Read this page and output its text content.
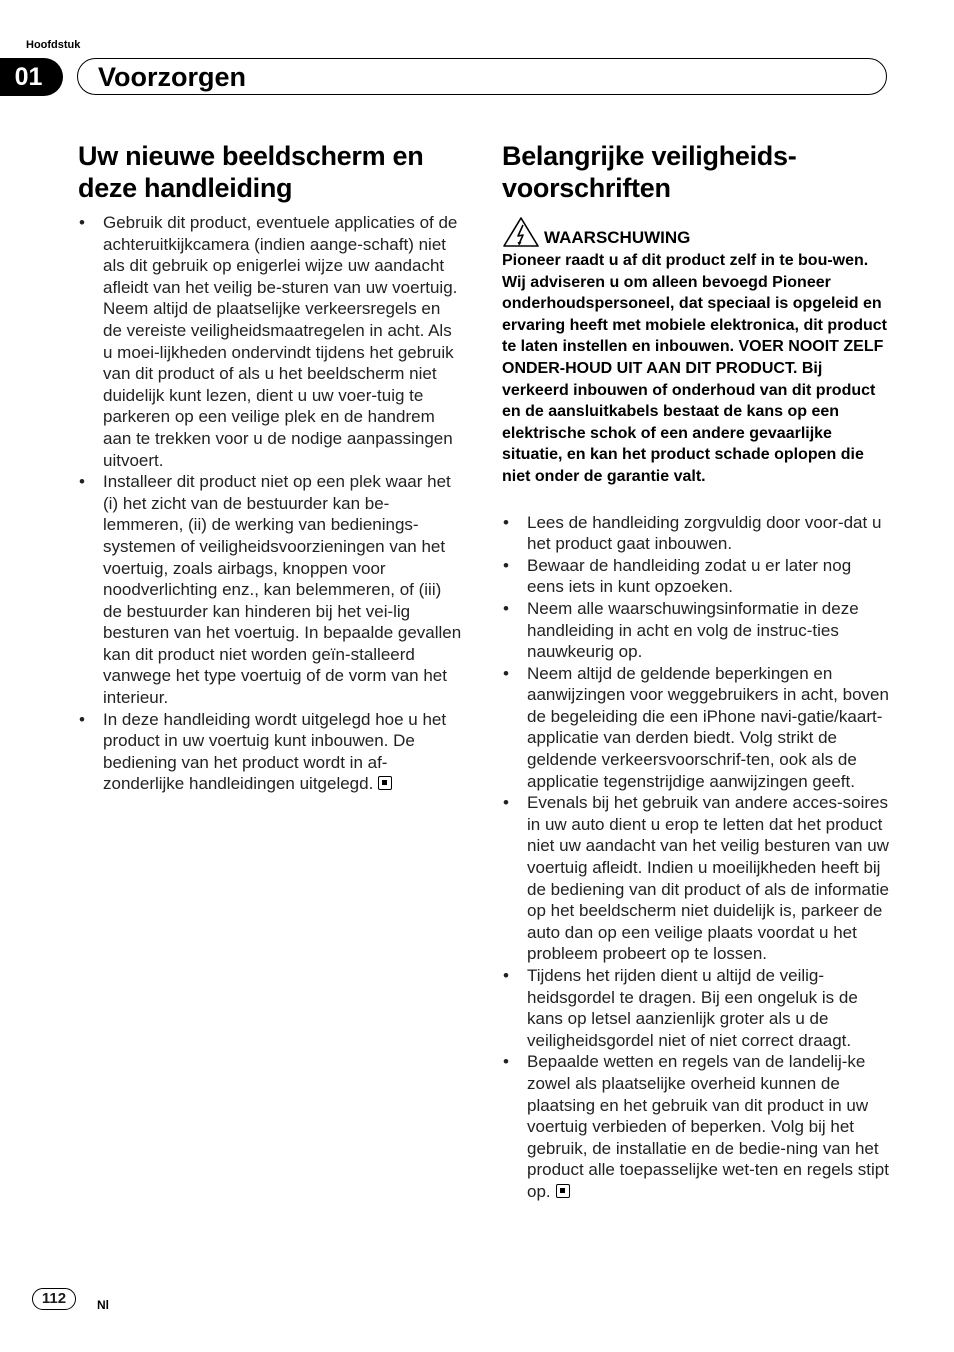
Hoofdstuk
01	Voorzorgen
Uw nieuwe beeldscherm en deze handleiding
• Gebruik dit product, eventuele applicaties of de achteruitkijkcamera (indien aange-schaft) niet als dit gebruik op enigerlei wijze uw aandacht afleidt van het veilig be-sturen van uw voertuig. Neem altijd de plaatselijke verkeersregels en de vereiste veiligheidsmaatregelen in acht. Als u moei-lijkheden ondervindt tijdens het gebruik van dit product of als u het beeldscherm niet duidelijk kunt lezen, dient u uw voer-tuig te parkeren op een veilige plek en de handrem aan te trekken voor u de nodige aanpassingen uitvoert.
• Installeer dit product niet op een plek waar het (i) het zicht van de bestuurder kan be-lemmeren, (ii) de werking van bedienings-systemen of veiligheidsvoorzieningen van het voertuig, zoals airbags, knoppen voor noodverlichting enz., kan belemmeren, of (iii) de bestuurder kan hinderen bij het vei-lig besturen van het voertuig. In bepaalde gevallen kan dit product niet worden geïn-stalleerd vanwege het type voertuig of de vorm van het interieur.
• In deze handleiding wordt uitgelegd hoe u het product in uw voertuig kunt inbouwen. De bediening van het product wordt in af-zonderlijke handleidingen uitgelegd.
Belangrijke veiligheids-voorschriften
WAARSCHUWING

Pioneer raadt u af dit product zelf in te bou-wen. Wij adviseren u om alleen bevoegd Pioneer onderhoudspersoneel, dat speciaal is opgeleid en ervaring heeft met mobiele elektronica, dit product te laten instellen en inbouwen. VOER NOOIT ZELF ONDER-HOUD UIT AAN DIT PRODUCT. Bij verkeerd inbouwen of onderhoud van dit product en de aansluitkabels bestaat de kans op een elektrische schok of een andere gevaarlijke situatie, en kan het product schade oplopen die niet onder de garantie valt.

• Lees de handleiding zorgvuldig door voor-dat u het product gaat inbouwen.
• Bewaar de handleiding zodat u er later nog eens iets in kunt opzoeken.
• Neem alle waarschuwingsinformatie in deze handleiding in acht en volg de instruc-ties nauwkeurig op.
• Neem altijd de geldende beperkingen en aanwijzingen voor weggebruikers in acht, boven de begeleiding die een iPhone navi-gatie/kaart-applicatie van derden biedt. Volg strikt de geldende verkeersvoorschrif-ten, ook als de applicatie tegenstrijdige aanwijzingen geeft.
• Evenals bij het gebruik van andere acces-soires in uw auto dient u erop te letten dat het product niet uw aandacht van het veilig besturen van uw voertuig afleidt. Indien u moeilijkheden heeft bij de bediening van dit product of als de informatie op het beeldscherm niet duidelijk is, parkeer de auto dan op een veilige plaats voordat u het probleem probeert op te lossen.
• Tijdens het rijden dient u altijd de veilig-heidsgordel te dragen. Bij een ongeluk is de kans op letsel aanzienlijk groter als u de veiligheidsgordel niet of niet correct draagt.
• Bepaalde wetten en regels van de landelij-ke zowel als plaatselijke overheid kunnen de plaatsing en het gebruik van dit product in uw voertuig verbieden of beperken. Volg bij het gebruik, de installatie en de bedie-ning van het product alle toepasselijke wet-ten en regels stipt op.
112	Nl
